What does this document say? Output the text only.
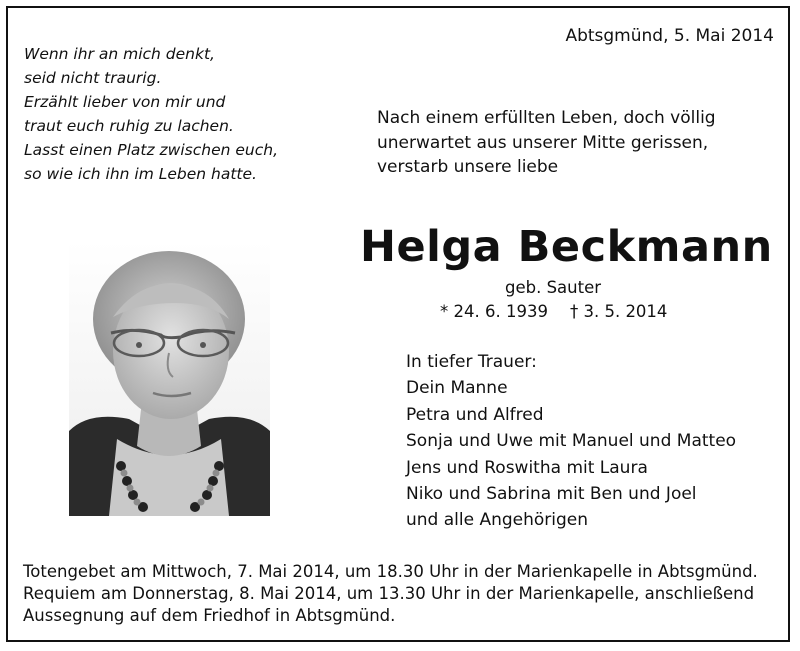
Wenn ihr an mich denkt,
seid nicht traurig.
Erzählt lieber von mir und
traut euch ruhig zu lachen.
Lasst einen Platz zwischen euch,
so wie ich ihn im Leben hatte.
Abtsgmünd, 5. Mai 2014
Nach einem erfüllten Leben, doch völlig
unerwartet aus unserer Mitte gerissen,
verstarb unsere liebe
Helga Beckmann
geb. Sauter
* 24. 6. 1939 † 3. 5. 2014
In tiefer Trauer:
Dein Manne
Petra und Alfred
Sonja und Uwe mit Manuel und Matteo
Jens und Roswitha mit Laura
Niko und Sabrina mit Ben und Joel
und alle Angehörigen
Totengebet am Mittwoch, 7. Mai 2014, um 18.30 Uhr in der Marienkapelle in Abtsgmünd.
Requiem am Donnerstag, 8. Mai 2014, um 13.30 Uhr in der Marienkapelle, anschließend
Aussegnung auf dem Friedhof in Abtsgmünd.
